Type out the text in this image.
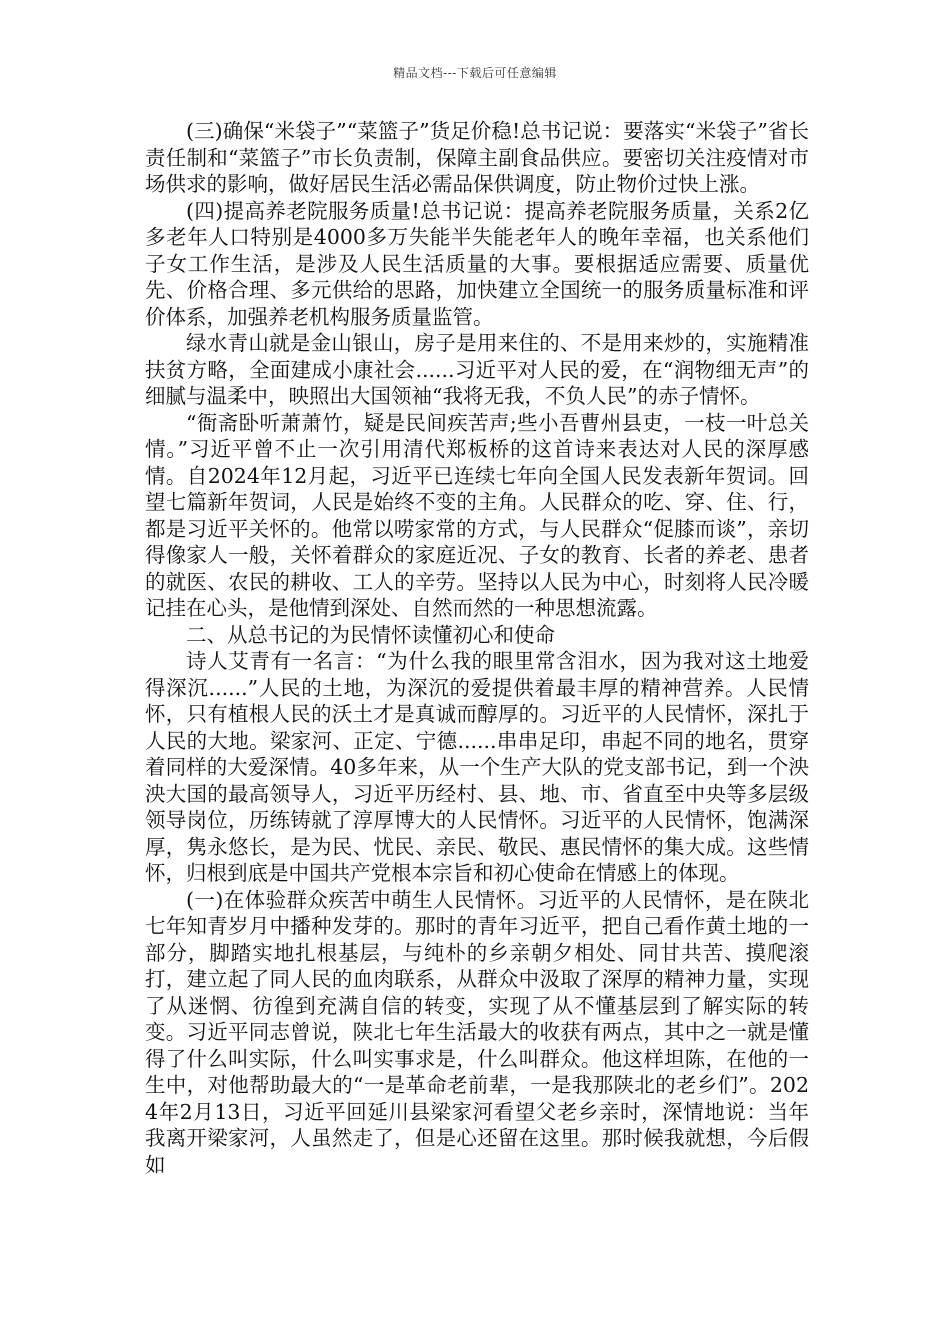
精品文档---下载后可任意编辑

(三)确保“米袋子”“菜篮子”货足价稳!总书记说：要落实“米袋子”省长责任制和“菜篮子”市长负责制，保障主副食品供应。要密切关注疫情对市场供求的影响，做好居民生活必需品保供调度，防止物价过快上涨。

(四)提高养老院服务质量!总书记说：提高养老院服务质量，关系2亿多老年人口特别是4000多万失能半失能老年人的晚年幸福，也关系他们子女工作生活，是涉及人民生活质量的大事。要根据适应需要、质量优先、价格合理、多元供给的思路，加快建立全国统一的服务质量标准和评价体系，加强养老机构服务质量监管。

绿水青山就是金山银山，房子是用来住的、不是用来炒的，实施精准扶贫方略，全面建成小康社会......习近平对人民的爱，在“润物细无声”的细腻与温柔中，映照出大国领袖“我将无我，不负人民”的赤子情怀。

“衙斋卧听萧萧竹，疑是民间疾苦声;些小吾曹州县吏，一枝一叶总关情。”习近平曾不止一次引用清代郑板桥的这首诗来表达对人民的深厚感情。自2024年12月起，习近平已连续七年向全国人民发表新年贺词。回望七篇新年贺词，人民是始终不变的主角。人民群众的吃、穿、住、行，都是习近平关怀的。他常以唠家常的方式，与人民群众“促膝而谈”，亲切得像家人一般，关怀着群众的家庭近况、子女的教育、长者的养老、患者的就医、农民的耕收、工人的辛劳。坚持以人民为中心，时刻将人民冷暖记挂在心头，是他情到深处、自然而然的一种思想流露。

二、从总书记的为民情怀读懂初心和使命

诗人艾青有一名言：“为什么我的眼里常含泪水，因为我对这土地爱得深沉......”人民的土地，为深沉的爱提供着最丰厚的精神营养。人民情怀，只有植根人民的沃土才是真诚而醇厚的。习近平的人民情怀，深扎于人民的大地。梁家河、正定、宁德......串串足印，串起不同的地名，贯穿着同样的大爱深情。40多年来，从一个生产大队的党支部书记，到一个泱泱大国的最高领导人，习近平历经村、县、地、市、省直至中央等多层级领导岗位，历练铸就了淳厚博大的人民情怀。习近平的人民情怀，饱满深厚，隽永悠长，是为民、忧民、亲民、敬民、惠民情怀的集大成。这些情怀，归根到底是中国共产党根本宗旨和初心使命在情感上的体现。

(一)在体验群众疾苦中萌生人民情怀。习近平的人民情怀，是在陕北七年知青岁月中播种发芽的。那时的青年习近平，把自己看作黄土地的一部分，脚踏实地扎根基层，与纯朴的乡亲朝夕相处、同甘共苦、摸爬滚打，建立起了同人民的血肉联系，从群众中汲取了深厚的精神力量，实现了从迷惘、彷徨到充满自信的转变，实现了从不懂基层到了解实际的转变。习近平同志曾说，陕北七年生活最大的收获有两点，其中之一就是懂得了什么叫实际，什么叫实事求是，什么叫群众。他这样坦陈，在他的一生中，对他帮助最大的“一是革命老前辈，一是我那陕北的老乡们”。2024年2月13日，习近平回延川县梁家河看望父老乡亲时，深情地说：当年我离开梁家河，人虽然走了，但是心还留在这里。那时候我就想，今后假如
